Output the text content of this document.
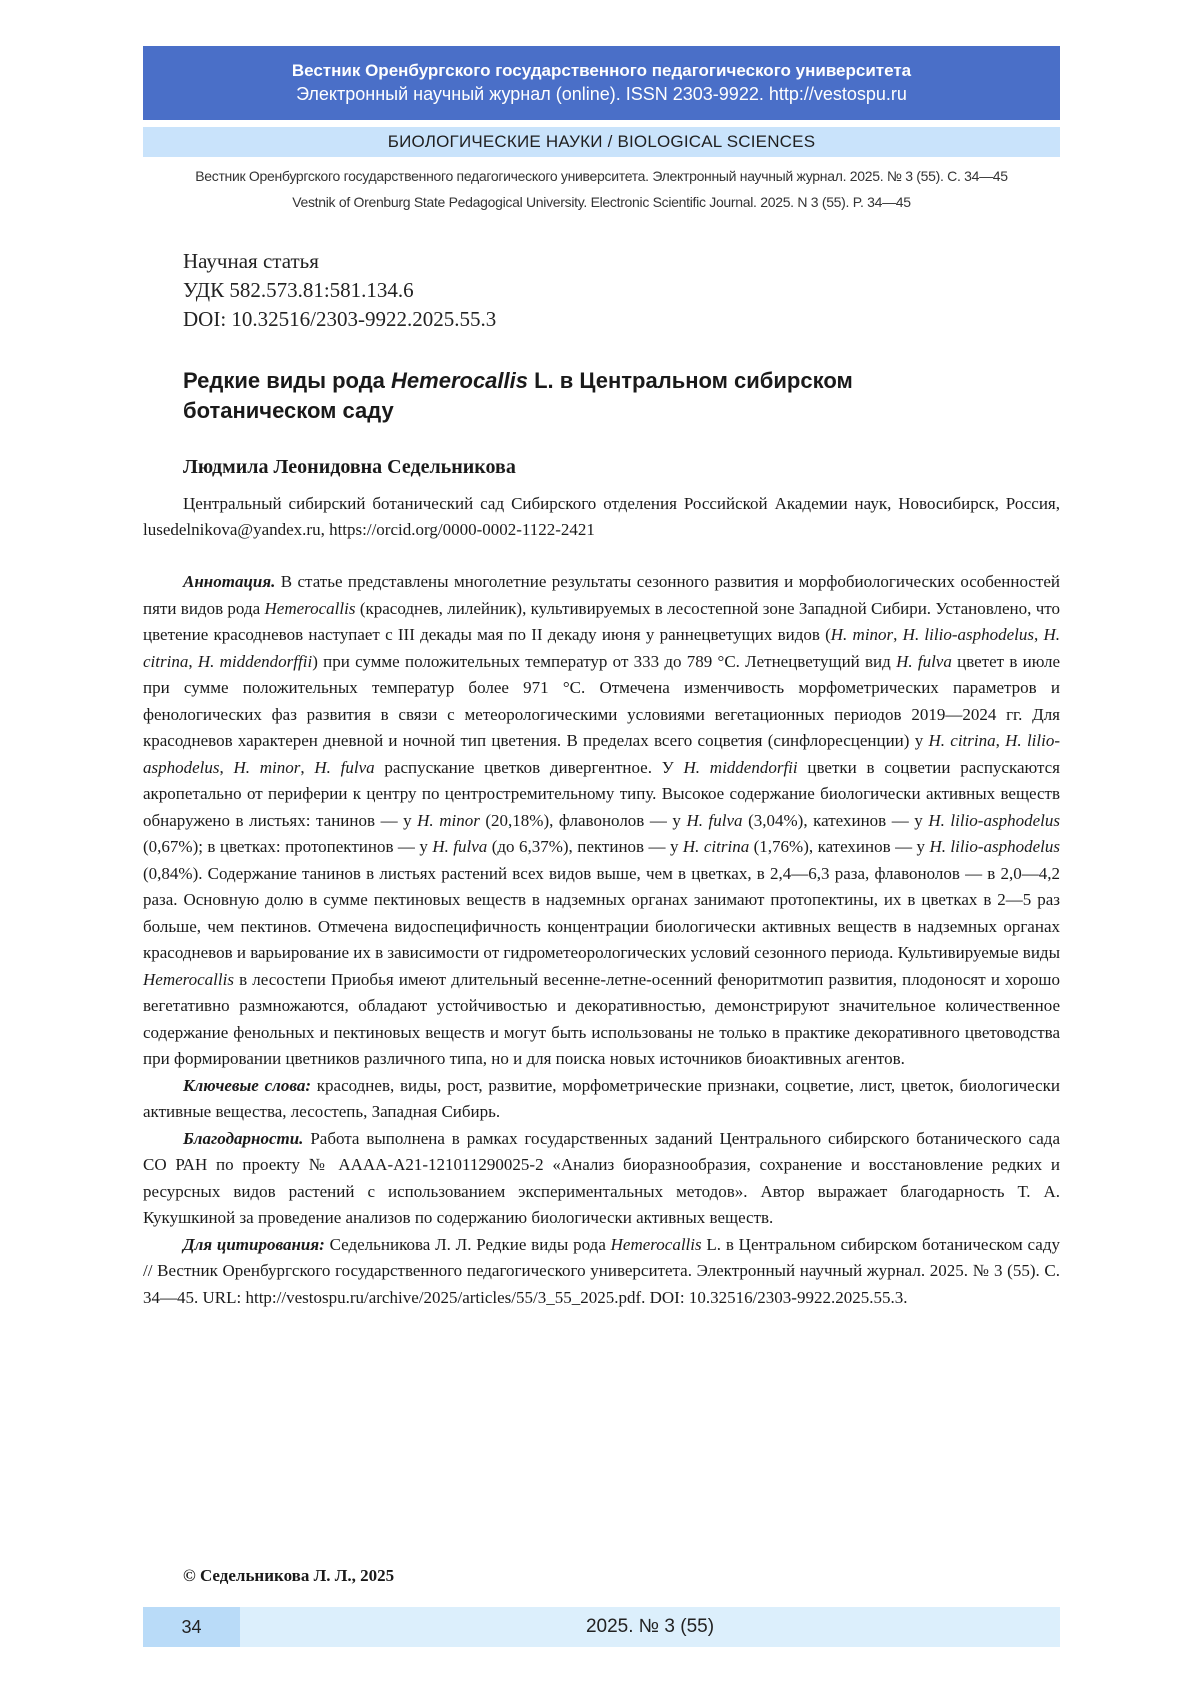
Вестник Оренбургского государственного педагогического университета
Электронный научный журнал (online). ISSN 2303-9922. http://vestospu.ru
БИОЛОГИЧЕСКИЕ НАУКИ / BIOLOGICAL SCIENCES
Вестник Оренбургского государственного педагогического университета. Электронный научный журнал. 2025. № 3 (55). С. 34—45
Vestnik of Orenburg State Pedagogical University. Electronic Scientific Journal. 2025. N 3 (55). P. 34—45
Научная статья
УДК 582.573.81:581.134.6
DOI: 10.32516/2303-9922.2025.55.3
Редкие виды рода Hemerocallis L. в Центральном сибирском ботаническом саду
Людмила Леонидовна Седельникова
Центральный сибирский ботанический сад Сибирского отделения Российской Академии наук, Новосибирск, Россия, lusedelnikova@yandex.ru, https://orcid.org/0000-0002-1122-2421

Аннотация. В статье представлены многолетние результаты сезонного развития и морфобиологических особенностей пяти видов рода Hemerocallis (красоднев, лилейник), культивируемых в лесостепной зоне Западной Сибири. Установлено, что цветение красодневов наступает с III декады мая по II декаду июня у раннецветущих видов (H. minor, H. lilio-asphodelus, H. citrina, H. middendorffii) при сумме положительных температур от 333 до 789 °С. Летнецветущий вид H. fulva цветет в июле при сумме положительных температур более 971 °С. Отмечена изменчивость морфометрических параметров и фенологических фаз развития в связи с метеорологическими условиями вегетационных периодов 2019—2024 гг. Для красодневов характерен дневной и ночной тип цветения. В пределах всего соцветия (синфлоресценции) у H. citrina, H. lilio-asphodelus, H. minor, H. fulva распускание цветков дивергентное. У H. middendorfii цветки в соцветии распускаются акропетально от периферии к центру по центростремительному типу. Высокое содержание биологически активных веществ обнаружено в листьях: танинов — у H. minor (20,18%), флавонолов — у H. fulva (3,04%), катехинов — у H. lilio-asphodelus (0,67%); в цветках: протопектинов — у H. fulva (до 6,37%), пектинов — у H. citrina (1,76%), катехинов — у H. lilio-asphodelus (0,84%). Содержание танинов в листьях растений всех видов выше, чем в цветках, в 2,4—6,3 раза, флавонолов — в 2,0—4,2 раза. Основную долю в сумме пектиновых веществ в надземных органах занимают протопектины, их в цветках в 2—5 раз больше, чем пектинов. Отмечена видоспецифичность концентрации биологически активных веществ в надземных органах красодневов и варьирование их в зависимости от гидрометеорологических условий сезонного периода. Культивируемые виды Hemerocallis в лесостепи Приобья имеют длительный весенне-летне-осенний феноритмотип развития, плодоносят и хорошо вегетативно размножаются, обладают устойчивостью и декоративностью, демонстрируют значительное количественное содержание фенольных и пектиновых веществ и могут быть использованы не только в практике декоративного цветоводства при формировании цветников различного типа, но и для поиска новых источников биоактивных агентов.

Ключевые слова: красоднев, виды, рост, развитие, морфометрические признаки, соцветие, лист, цветок, биологически активные вещества, лесостепь, Западная Сибирь.

Благодарности. Работа выполнена в рамках государственных заданий Центрального сибирского ботанического сада СО РАН по проекту № АААА-А21-121011290025-2 «Анализ биоразнообразия, сохранение и восстановление редких и ресурсных видов растений с использованием экспериментальных методов». Автор выражает благодарность Т. А. Кукушкиной за проведение анализов по содержанию биологически активных веществ.

Для цитирования: Седельникова Л. Л. Редкие виды рода Hemerocallis L. в Центральном сибирском ботаническом саду // Вестник Оренбургского государственного педагогического университета. Электронный научный журнал. 2025. № 3 (55). С. 34—45. URL: http://vestospu.ru/archive/2025/articles/55/3_55_2025.pdf. DOI: 10.32516/2303-9922.2025.55.3.

© Седельникова Л. Л., 2025
34	2025. № 3 (55)
